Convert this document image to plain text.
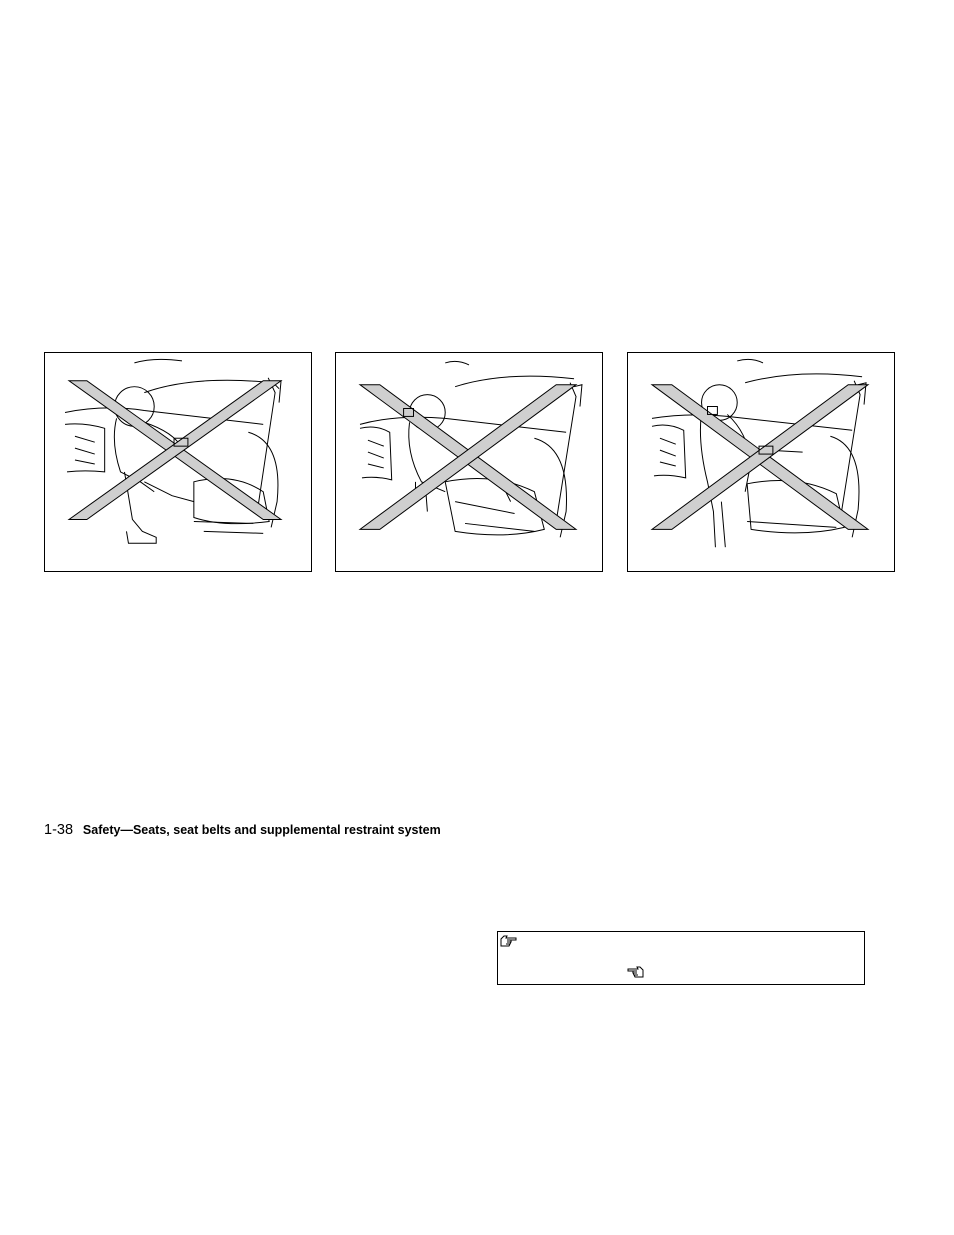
1-38 Safety—Seats, seat belts and supplemental restraint system
